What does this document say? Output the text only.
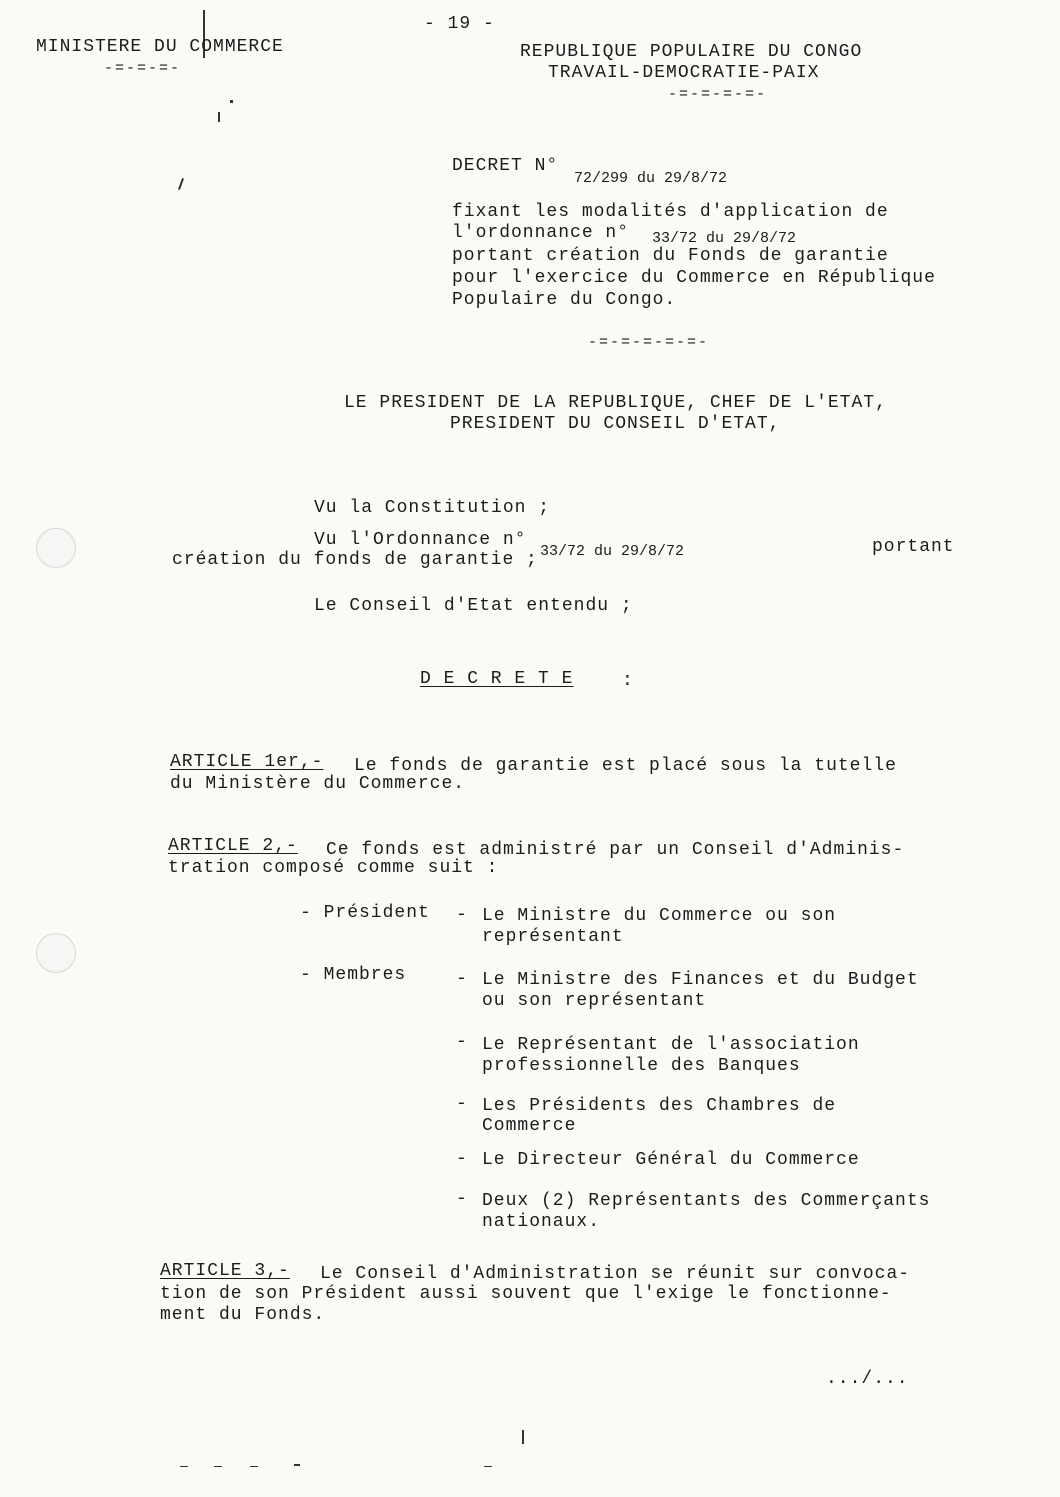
- 19 -
MINISTERE DU COMMERCE
-=-=-=-
REPUBLIQUE POPULAIRE DU CONGO
TRAVAIL-DEMOCRATIE-PAIX
-=-=-=-=-
DECRET N°
72/299 du 29/8/72
fixant les modalités d'application de
l'ordonnance n° 33/72 du 29/8/72
portant création du Fonds de garantie
pour l'exercice du Commerce en République
Populaire du Congo.
-=-=-=-=-=-
LE PRESIDENT DE LA REPUBLIQUE, CHEF DE L'ETAT,
PRESIDENT DU CONSEIL D'ETAT,
Vu la Constitution ;
Vu l'Ordonnance n°
33/72 du 29/8/72	portant
création du fonds de garantie ;
Le Conseil d'Etat entendu ;
D E C R E T E	:
ARTICLE 1er,- Le fonds de garantie est placé sous la tutelle
du Ministère du Commerce.
ARTICLE 2,- Ce fonds est administré par un Conseil d'Adminis-
tration composé comme suit :
- Président - Le Ministre du Commerce ou son
représentant
- Membres	- Le Ministre des Finances et du Budget
ou son représentant
- Le Représentant de l'association
professionnelle des Banques
- Les Présidents des Chambres de
Commerce
- Le Directeur Général du Commerce
- Deux (2) Représentants des Commerçants
nationaux.
ARTICLE 3,- Le Conseil d'Administration se réunit sur convoca-
tion de son Président aussi souvent que l'exige le fonctionne-
ment du Fonds.
.../...
